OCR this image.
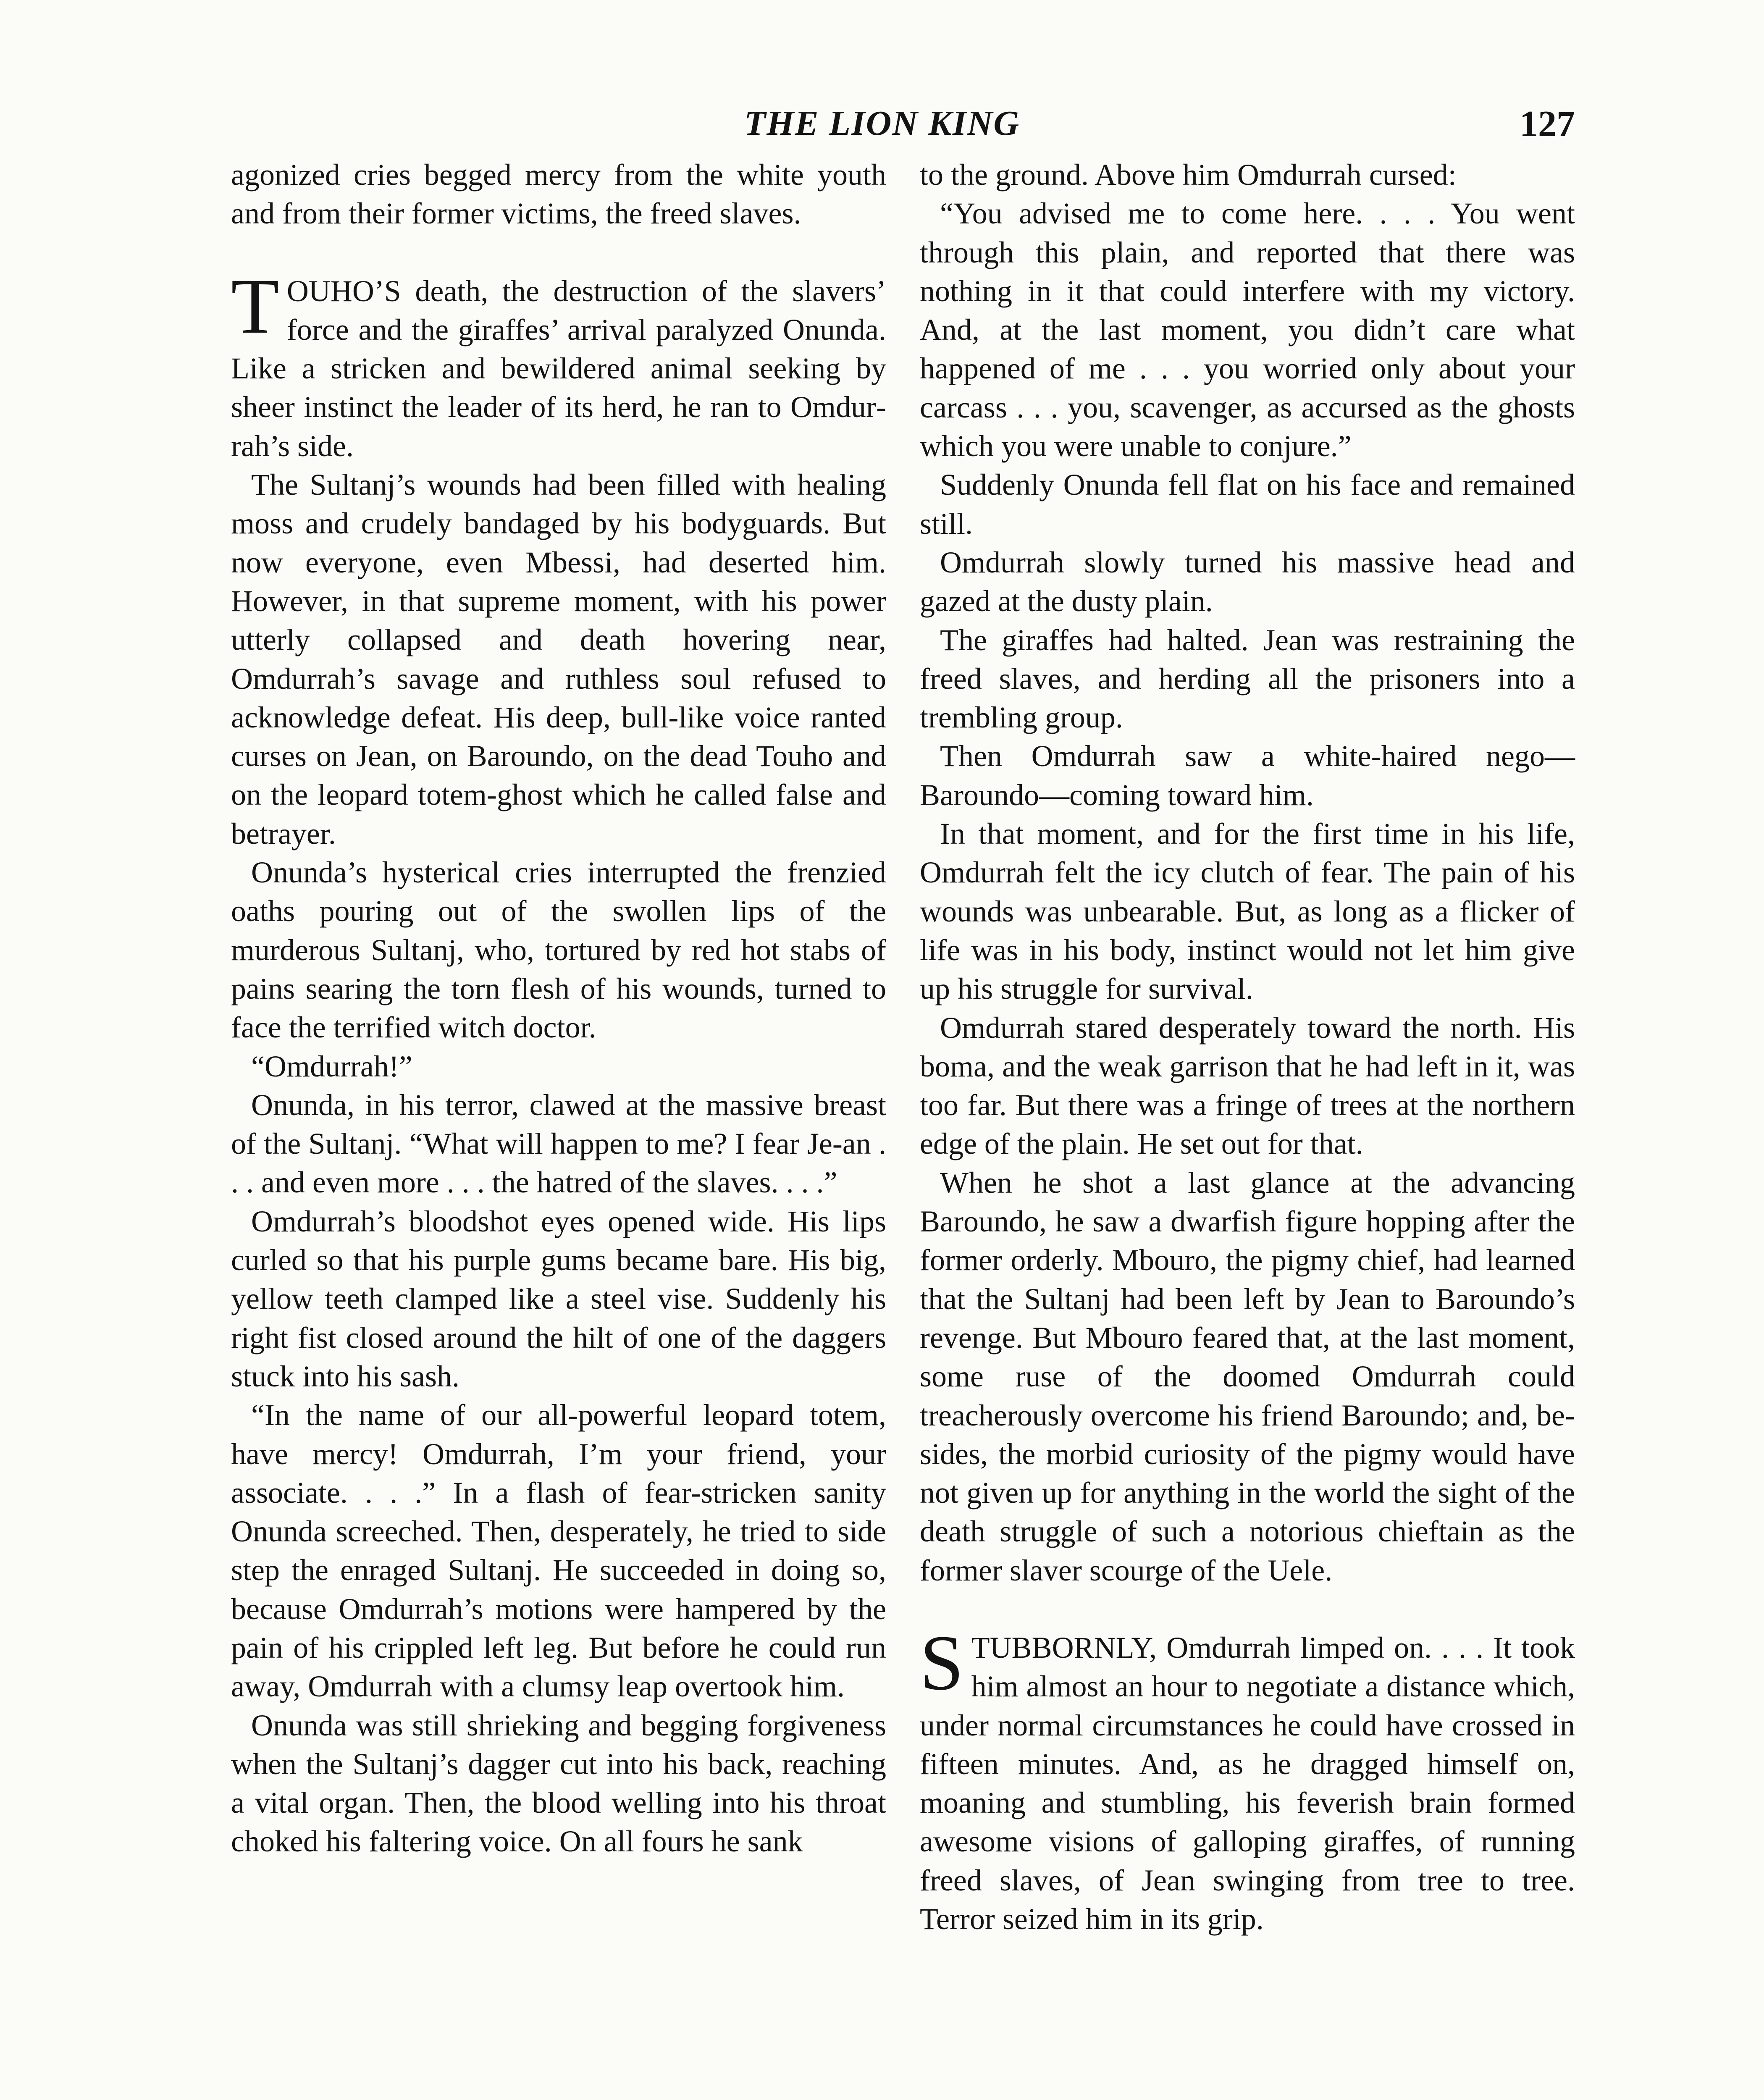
THE LION KING	127

agonized cries begged mercy from the white youth and from their former victims, the freed slaves.

TOUHO’S death, the destruction of the slavers’ force and the giraffes’ arrival paralyzed Onunda. Like a stricken and bewildered animal seeking by sheer instinct the leader of its herd, he ran to Omdurrah’s side.

The Sultanj’s wounds had been filled with healing moss and crudely bandaged by his bodyguards. But now everyone, even Mbessi, had deserted him. However, in that supreme moment, with his power utterly collapsed and death hovering near, Omdurrah’s savage and ruthless soul refused to acknowledge defeat. His deep, bull-like voice ranted curses on Jean, on Baroundo, on the dead Touho and on the leopard totem-ghost which he called false and betrayer.

Onunda’s hysterical cries interrupted the frenzied oaths pouring out of the swollen lips of the murderous Sultanj, who, tortured by red hot stabs of pains searing the torn flesh of his wounds, turned to face the terrified witch doctor.

“Omdurrah!”

Onunda, in his terror, clawed at the massive breast of the Sultanj. “What will happen to me? I fear Je-an . . . and even more . . . the hatred of the slaves. . . .”

Omdurrah’s bloodshot eyes opened wide. His lips curled so that his purple gums became bare. His big, yellow teeth clamped like a steel vise. Suddenly his right fist closed around the hilt of one of the daggers stuck into his sash.

“In the name of our all-powerful leopard totem, have mercy! Omdurrah, I’m your friend, your associate. . . .” In a flash of fear-stricken sanity Onunda screeched. Then, desperately, he tried to side step the enraged Sultanj. He succeeded in doing so, because Omdurrah’s motions were hampered by the pain of his crippled left leg. But before he could run away, Omdurrah with a clumsy leap overtook him.

Onunda was still shrieking and begging forgiveness when the Sultanj’s dagger cut into his back, reaching a vital organ. Then, the blood welling into his throat choked his faltering voice. On all fours he sank

to the ground. Above him Omdurrah cursed:

“You advised me to come here. . . . You went through this plain, and reported that there was nothing in it that could interfere with my victory. And, at the last moment, you didn’t care what happened of me . . . you worried only about your carcass . . . you, scavenger, as accursed as the ghosts which you were unable to conjure.”

Suddenly Onunda fell flat on his face and remained still.

Omdurrah slowly turned his massive head and gazed at the dusty plain.

The giraffes had halted. Jean was restraining the freed slaves, and herding all the prisoners into a trembling group.

Then Omdurrah saw a white-haired nego—Baroundo—coming toward him.

In that moment, and for the first time in his life, Omdurrah felt the icy clutch of fear. The pain of his wounds was unbearable. But, as long as a flicker of life was in his body, instinct would not let him give up his struggle for survival.

Omdurrah stared desperately toward the north. His boma, and the weak garrison that he had left in it, was too far. But there was a fringe of trees at the northern edge of the plain. He set out for that.

When he shot a last glance at the advancing Baroundo, he saw a dwarfish figure hopping after the former orderly. Mbouro, the pigmy chief, had learned that the Sultanj had been left by Jean to Baroundo’s revenge. But Mbouro feared that, at the last moment, some ruse of the doomed Omdurrah could treacherously overcome his friend Baroundo; and, besides, the morbid curiosity of the pigmy would have not given up for anything in the world the sight of the death struggle of such a notorious chieftain as the former slaver scourge of the Uele.

STUBBORNLY, Omdurrah limped on. . . . It took him almost an hour to negotiate a distance which, under normal circumstances he could have crossed in fifteen minutes. And, as he dragged himself on, moaning and stumbling, his feverish brain formed awesome visions of galloping giraffes, of running freed slaves, of Jean swinging from tree to tree. Terror seized him in its grip.
